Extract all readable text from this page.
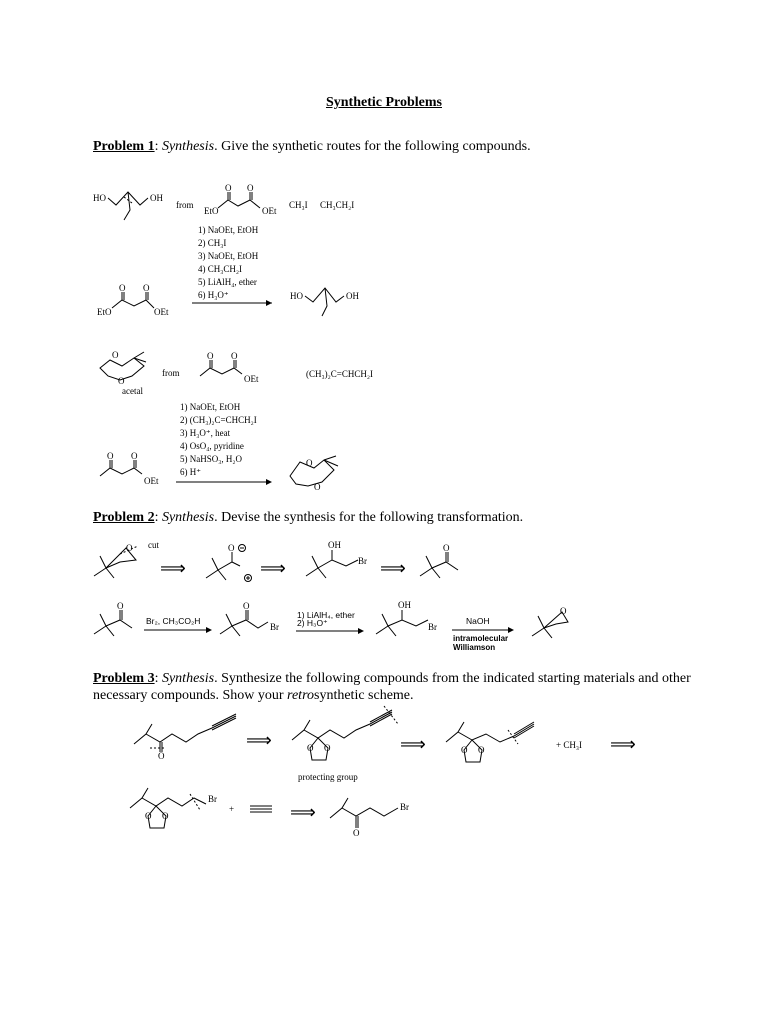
Synthetic Problems
Problem 1: Synthesis. Give the synthetic routes for the following compounds.
Problem 2: Synthesis. Devise the synthesis for the following transformation.
Problem 3: Synthesis. Synthesize the following compounds from the indicated starting materials and other necessary compounds. Show your retrosynthetic scheme.
HO	OH
from
EtO
O O
OEt
CH₃I CH₃CH₂I
1) NaOEt, EtOH
2) CH₃I
3) NaOEt, EtOH
4) CH₃CH₂I
5) LiAlH₄, ether
6) H₃O⁺
EtO
O O
OEt
HO	OH
O
O
acetal
from
O O
OEt	(CH₃)₂C=CHCH₂I
1) NaOEt, EtOH
2) (CH₃)₂C=CHCH₂I
3) H₃O⁺, heat
4) OsO₄, pyridine
5) NaHSO₃, H₂O
6) H⁺
O O
OEt
O
O
O cut
⟹
O
⟹
OH
Br ⟹
O
O
Br₂, CH₃CO₂H
O
Br
1) LiAlH₄, ether
2) H₃O⁺
OH
Br
NaOH
intramolecular
Williamson
O
O
⟹	O O
protecting group
⟹	O O	+ CH₃I ⟹
O O
Br
+	⟹
O
Br
